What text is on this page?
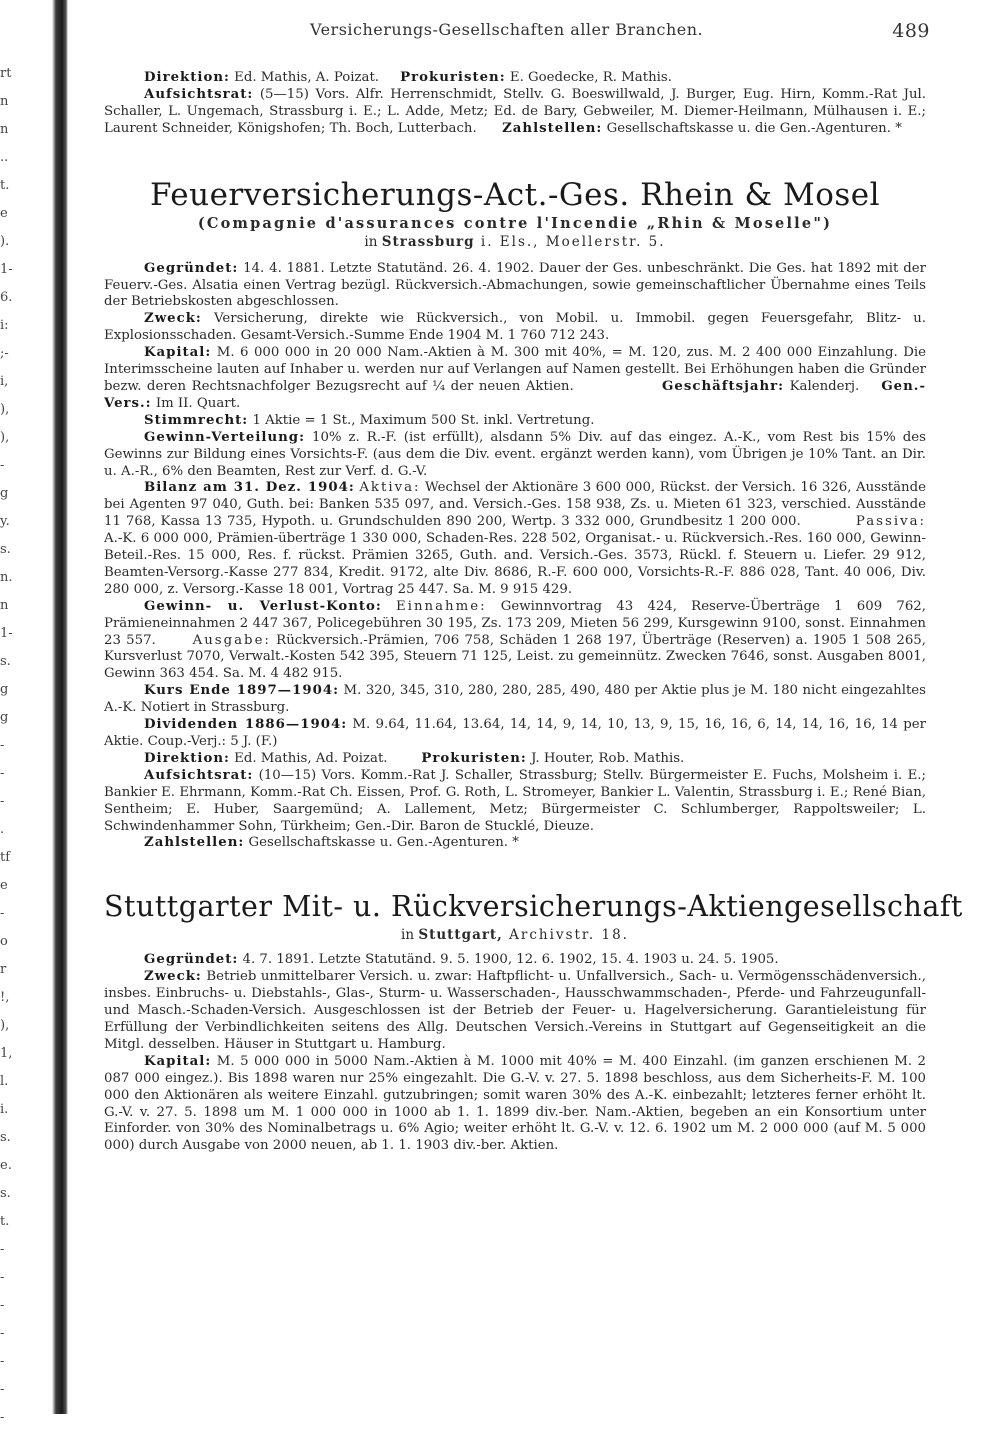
rt
n
n
..
t.
e
).
1-
6.
i:
;-
i,
),
),
-
g
y.
s.
n.
n
1-
s.
g
g
-
-
-
.
tf
e
-
o
r
!,
),
1,
l.
i.
s.
e.
s.
t.
-
-
-
-
-
-
-
Versicherungs-Gesellschaften aller Branchen.	489

Direktion: Ed. Mathis, A. Poizat. Prokuristen: E. Goedecke, R. Mathis.

Aufsichtsrat: (5—15) Vors. Alfr. Herrenschmidt, Stellv. G. Boeswillwald, J. Burger, Eug. Hirn, Komm.-Rat Jul. Schaller, L. Ungemach, Strassburg i. E.; L. Adde, Metz; Ed. de Bary, Gebweiler, M. Diemer-Heilmann, Mülhausen i. E.; Laurent Schneider, Königshofen; Th. Boch, Lutterbach. Zahlstellen: Gesellschaftskasse u. die Gen.-Agenturen. *

Feuerversicherungs-Act.-Ges. Rhein & Mosel
(Compagnie d'assurances contre l'Incendie „Rhin & Moselle")
in Strassburg i. Els., Moellerstr. 5.

Gegründet: 14. 4. 1881. Letzte Statutänd. 26. 4. 1902. Dauer der Ges. unbeschränkt. Die Ges. hat 1892 mit der Feuerv.-Ges. Alsatia einen Vertrag bezügl. Rückversich.-Abmachungen, sowie gemeinschaftlicher Übernahme eines Teils der Betriebskosten abgeschlossen.

Zweck: Versicherung, direkte wie Rückversich., von Mobil. u. Immobil. gegen Feuersgefahr, Blitz- u. Explosionsschaden. Gesamt-Versich.-Summe Ende 1904 M. 1 760 712 243.

Kapital: M. 6 000 000 in 20 000 Nam.-Aktien à M. 300 mit 40%, = M. 120, zus. M. 2 400 000 Einzahlung. Die Interimsscheine lauten auf Inhaber u. werden nur auf Verlangen auf Namen gestellt. Bei Erhöhungen haben die Gründer bezw. deren Rechtsnachfolger Bezugsrecht auf ¼ der neuen Aktien.	Geschäftsjahr: Kalenderj. Gen.-Vers.: Im II. Quart.

Stimmrecht: 1 Aktie = 1 St., Maximum 500 St. inkl. Vertretung.

Gewinn-Verteilung: 10% z. R.-F. (ist erfüllt), alsdann 5% Div. auf das eingez. A.-K., vom Rest bis 15% des Gewinns zur Bildung eines Vorsichts-F. (aus dem die Div. event. ergänzt werden kann), vom Übrigen je 10% Tant. an Dir. u. A.-R., 6% den Beamten, Rest zur Verf. d. G.-V.

Bilanz am 31. Dez. 1904: Aktiva: Wechsel der Aktionäre 3 600 000, Rückst. der Versich. 16 326, Ausstände bei Agenten 97 040, Guth. bei: Banken 535 097, and. Versich.-Ges. 158 938, Zs. u. Mieten 61 323, verschied. Ausstände 11 768, Kassa 13 735, Hypoth. u. Grundschulden 890 200, Wertp. 3 332 000, Grundbesitz 1 200 000.	Passiva: A.-K. 6 000 000, Prämien-überträge 1 330 000, Schaden-Res. 228 502, Organisat.- u. Rückversich.-Res. 160 000, Gewinn-Beteil.-Res. 15 000, Res. f. rückst. Prämien 3265, Guth. and. Versich.-Ges. 3573, Rückl. f. Steuern u. Liefer. 29 912, Beamten-Versorg.-Kasse 277 834, Kredit. 9172, alte Div. 8686, R.-F. 600 000, Vorsichts-R.-F. 886 028, Tant. 40 006, Div. 280 000, z. Versorg.-Kasse 18 001, Vortrag 25 447. Sa. M. 9 915 429.

Gewinn- u. Verlust-Konto: Einnahme: Gewinnvortrag 43 424, Reserve-Überträge 1 609 762, Prämieneinnahmen 2 447 367, Policegebühren 30 195, Zs. 173 209, Mieten 56 299, Kursgewinn 9100, sonst. Einnahmen 23 557.	Ausgabe: Rückversich.-Prämien, 706 758, Schäden 1 268 197, Überträge (Reserven) a. 1905 1 508 265, Kursverlust 7070, Verwalt.-Kosten 542 395, Steuern 71 125, Leist. zu gemeinnütz. Zwecken 7646, sonst. Ausgaben 8001, Gewinn 363 454. Sa. M. 4 482 915.

Kurs Ende 1897—1904: M. 320, 345, 310, 280, 280, 285, 490, 480 per Aktie plus je M. 180 nicht eingezahltes A.-K. Notiert in Strassburg.

Dividenden 1886—1904: M. 9.64, 11.64, 13.64, 14, 14, 9, 14, 10, 13, 9, 15, 16, 16, 6, 14, 14, 16, 16, 14 per Aktie. Coup.-Verj.: 5 J. (F.)

Direktion: Ed. Mathis, Ad. Poizat.	Prokuristen: J. Houter, Rob. Mathis.

Aufsichtsrat: (10—15) Vors. Komm.-Rat J. Schaller, Strassburg; Stellv. Bürgermeister E. Fuchs, Molsheim i. E.; Bankier E. Ehrmann, Komm.-Rat Ch. Eissen, Prof. G. Roth, L. Stromeyer, Bankier L. Valentin, Strassburg i. E.; René Bian, Sentheim; E. Huber, Saargemünd; A. Lallement, Metz; Bürgermeister C. Schlumberger, Rappoltsweiler; L. Schwindenhammer Sohn, Türkheim; Gen.-Dir. Baron de Stucklé, Dieuze.

Zahlstellen: Gesellschaftskasse u. Gen.-Agenturen. *

Stuttgarter Mit- u. Rückversicherungs-Aktiengesellschaft
in Stuttgart, Archivstr. 18.

Gegründet: 4. 7. 1891. Letzte Statutänd. 9. 5. 1900, 12. 6. 1902, 15. 4. 1903 u. 24. 5. 1905.

Zweck: Betrieb unmittelbarer Versich. u. zwar: Haftpflicht- u. Unfallversich., Sach- u. Vermögensschädenversich., insbes. Einbruchs- u. Diebstahls-, Glas-, Sturm- u. Wasserschaden-, Hausschwammschaden-, Pferde- und Fahrzeugunfall- und Masch.-Schaden-Versich. Ausgeschlossen ist der Betrieb der Feuer- u. Hagelversicherung. Garantieleistung für Erfüllung der Verbindlichkeiten seitens des Allg. Deutschen Versich.-Vereins in Stuttgart auf Gegenseitigkeit an die Mitgl. desselben. Häuser in Stuttgart u. Hamburg.

Kapital: M. 5 000 000 in 5000 Nam.-Aktien à M. 1000 mit 40% = M. 400 Einzahl. (im ganzen erschienen M. 2 087 000 eingez.). Bis 1898 waren nur 25% eingezahlt. Die G.-V. v. 27. 5. 1898 beschloss, aus dem Sicherheits-F. M. 100 000 den Aktionären als weitere Einzahl. gutzubringen; somit waren 30% des A.-K. einbezahlt; letzteres ferner erhöht lt. G.-V. v. 27. 5. 1898 um M. 1 000 000 in 1000 ab 1. 1. 1899 div.-ber. Nam.-Aktien, begeben an ein Konsortium unter Einforder. von 30% des Nominalbetrags u. 6% Agio; weiter erhöht lt. G.-V. v. 12. 6. 1902 um M. 2 000 000 (auf M. 5 000 000) durch Ausgabe von 2000 neuen, ab 1. 1. 1903 div.-ber. Aktien.
